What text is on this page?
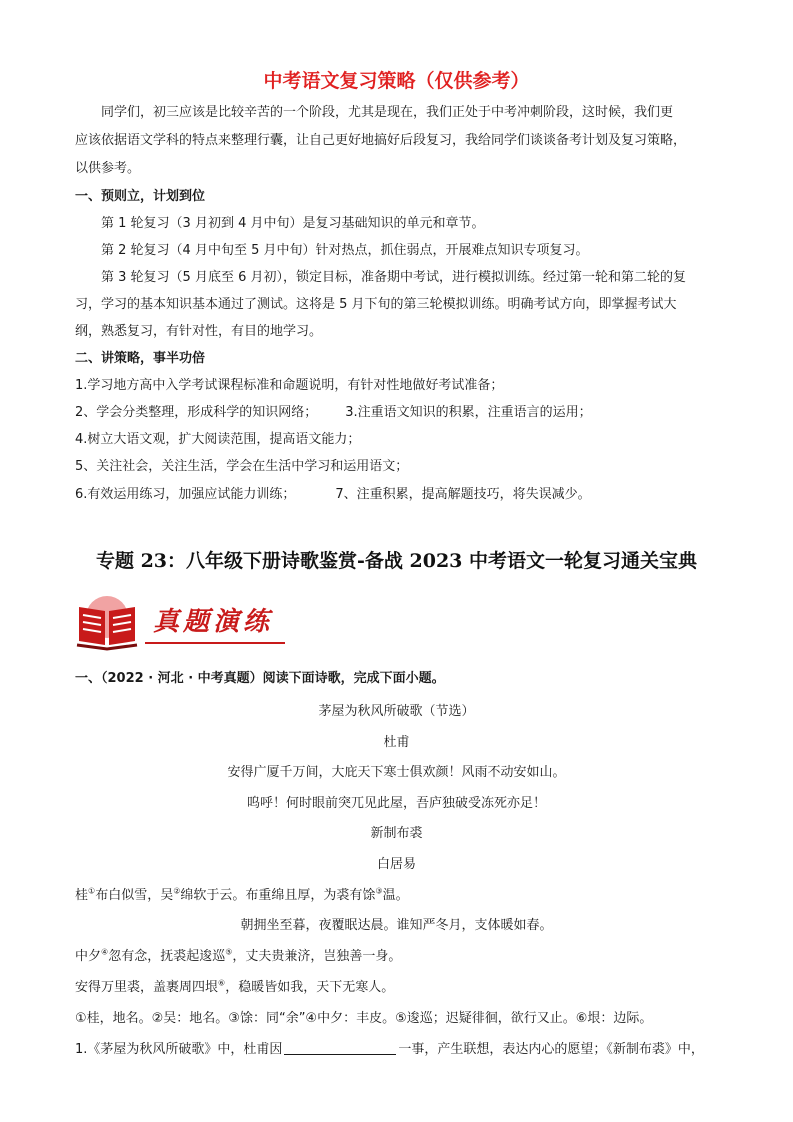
中考语文复习策略（仅供参考）
同学们，初三应该是比较辛苦的一个阶段，尤其是现在，我们正处于中考冲刺阶段，这时候，我们更
应该依据语文学科的特点来整理行囊，让自己更好地搞好后段复习，我给同学们谈谈备考计划及复习策略，
以供参考。
一、预则立，计划到位
第 1 轮复习（3 月初到 4 月中旬）是复习基础知识的单元和章节。
第 2 轮复习（4 月中旬至 5 月中旬）针对热点，抓住弱点，开展难点知识专项复习。
第 3 轮复习（5 月底至 6 月初），锁定目标，准备期中考试，进行模拟训练。经过第一轮和第二轮的复
习，学习的基本知识基本通过了测试。这将是 5 月下旬的第三轮模拟训练。明确考试方向，即掌握考试大
纲，熟悉复习，有针对性，有目的地学习。
二、讲策略，事半功倍
1.学习地方高中入学考试课程标准和命题说明，有针对性地做好考试准备；
2、学会分类整理，形成科学的知识网络； 3.注重语文知识的积累，注重语言的运用；
4.树立大语文观，扩大阅读范围，提高语文能力；
5、关注社会，关注生活，学会在生活中学习和运用语文；
6.有效运用练习，加强应试能力训练；	7、注重积累，提高解题技巧，将失误减少。
专题 23：八年级下册诗歌鉴赏-备战 2023 中考语文一轮复习通关宝典
真题演练
一、（2022 · 河北 · 中考真题）阅读下面诗歌，完成下面小题。
茅屋为秋风所破歌（节选）
杜甫
安得广厦千万间，大庇天下寒士俱欢颜！风雨不动安如山。
呜呼！何时眼前突兀见此屋，吾庐独破受冻死亦足！
新制布裘
白居易
桂①布白似雪，吴②绵软于云。布重绵且厚，为裘有馀③温。
朝拥坐至暮，夜覆眠达晨。谁知严冬月，支体暖如春。
中夕④忽有念，抚裘起逡巡⑤，丈夫贵兼济，岂独善一身。
安得万里裘，盖裹周四垠⑥，稳暖皆如我，天下无寒人。
①桂，地名。②吴：地名。③馀：同“余”④中夕：丰皮。⑤逡巡；迟疑徘徊，欲行又止。⑥垠：边际。
1.《茅屋为秋风所破歌》中，杜甫因	一事，产生联想，表达内心的愿望；《新制布裘》中，
